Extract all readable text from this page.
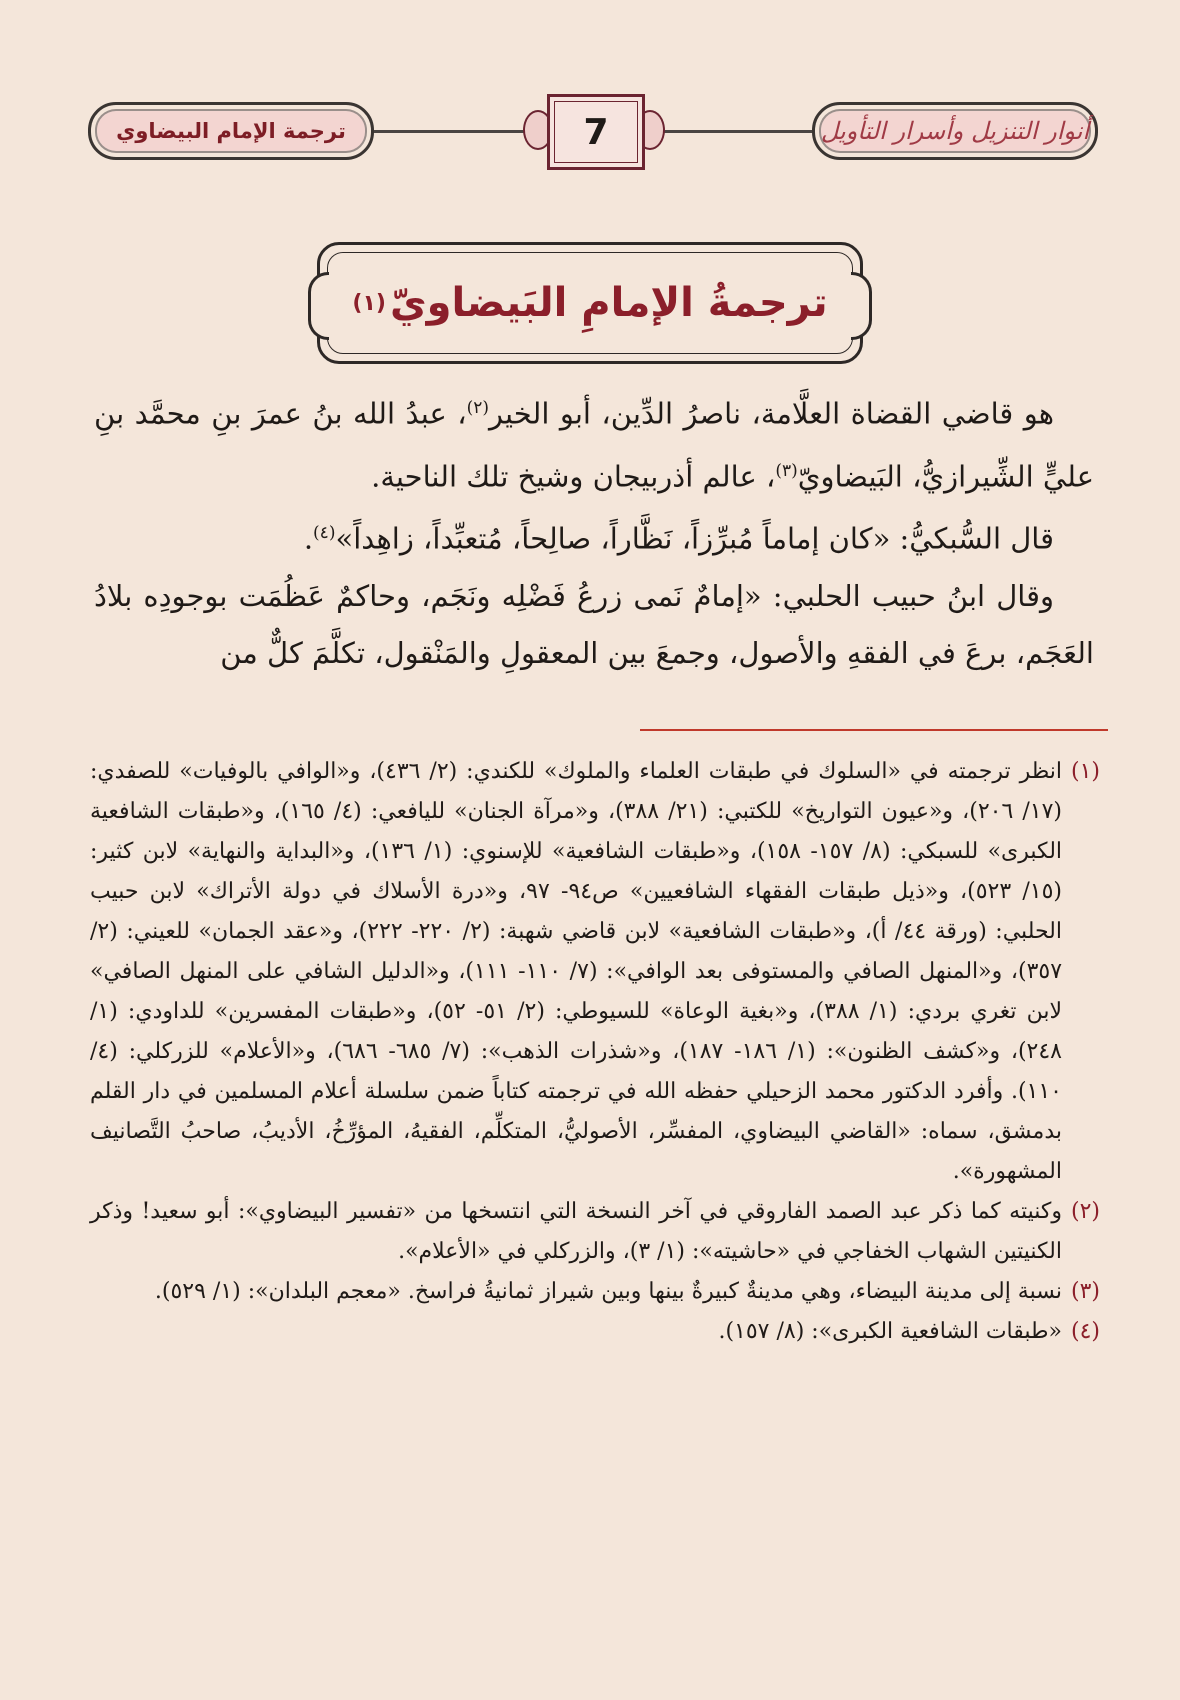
أنوار التنزيل وأسرار التأويل
7
ترجمة الإمام البيضاوي
ترجمةُ الإمامِ البَيضاويّ
(١)

هو قاضي القضاة العلَّامة، ناصرُ الدِّين، أبو الخير$^{(٢)}$، عبدُ الله بنُ عمرَ بنِ محمَّد بنِ عليٍّ الشِّيرازيُّ، البَيضاويّ$^{(٣)}$، عالم أذربيجان وشيخ تلك الناحية.

قال السُّبكيُّ: «كان إماماً مُبرِّزاً، نَظَّاراً، صالِحاً، مُتعبِّداً، زاهِداً»$^{(٤)}$.

وقال ابنُ حبيب الحلبي: «إمامٌ نَمى زرعُ فَضْلِه ونَجَم، وحاكمٌ عَظُمَت بوجودِه بلادُ العَجَم، برعَ في الفقهِ والأصول، وجمعَ بين المعقولِ والمَنْقول، تكلَّمَ كلٌّ من

(١)
انظر ترجمته في «السلوك في طبقات العلماء والملوك» للكندي: (٢/ ٤٣٦)، و«الوافي بالوفيات» للصفدي: (١٧/ ٢٠٦)، و«عيون التواريخ» للكتبي: (٢١/ ٣٨٨)، و«مرآة الجنان» لليافعي: (٤/ ١٦٥)، و«طبقات الشافعية الكبرى» للسبكي: (٨/ ١٥٧- ١٥٨)، و«طبقات الشافعية» للإسنوي: (١/ ١٣٦)، و«البداية والنهاية» لابن كثير: (١٥/ ٥٢٣)، و«ذيل طبقات الفقهاء الشافعيين» ص٩٤- ٩٧، و«درة الأسلاك في دولة الأتراك» لابن حبيب الحلبي: (ورقة ٤٤/ أ)، و«طبقات الشافعية» لابن قاضي شهبة: (٢/ ٢٢٠- ٢٢٢)، و«عقد الجمان» للعيني: (٢/ ٣٥٧)، و«المنهل الصافي والمستوفى بعد الوافي»: (٧/ ١١٠- ١١١)، و«الدليل الشافي على المنهل الصافي» لابن تغري بردي: (١/ ٣٨٨)، و«بغية الوعاة» للسيوطي: (٢/ ٥١- ٥٢)، و«طبقات المفسرين» للداودي: (١/ ٢٤٨)، و«كشف الظنون»: (١/ ١٨٦- ١٨٧)، و«شذرات الذهب»: (٧/ ٦٨٥- ٦٨٦)، و«الأعلام» للزركلي: (٤/ ١١٠). وأفرد الدكتور محمد الزحيلي حفظه الله في ترجمته كتاباً ضمن سلسلة أعلام المسلمين في دار القلم بدمشق، سماه: «القاضي البيضاوي، المفسِّر، الأصوليُّ، المتكلِّم، الفقيهُ، المؤرِّخُ، الأديبُ، صاحبُ التَّصانيف المشهورة».
(٢)
وكنيته كما ذكر عبد الصمد الفاروقي في آخر النسخة التي انتسخها من «تفسير البيضاوي»: أبو سعيد! وذكر الكنيتين الشهاب الخفاجي في «حاشيته»: (١/ ٣)، والزركلي في «الأعلام».
(٣)
نسبة إلى مدينة البيضاء، وهي مدينةٌ كبيرةٌ بينها وبين شيراز ثمانيةُ فراسخ. «معجم البلدان»: (١/ ٥٢٩).
(٤)
«طبقات الشافعية الكبرى»: (٨/ ١٥٧).
